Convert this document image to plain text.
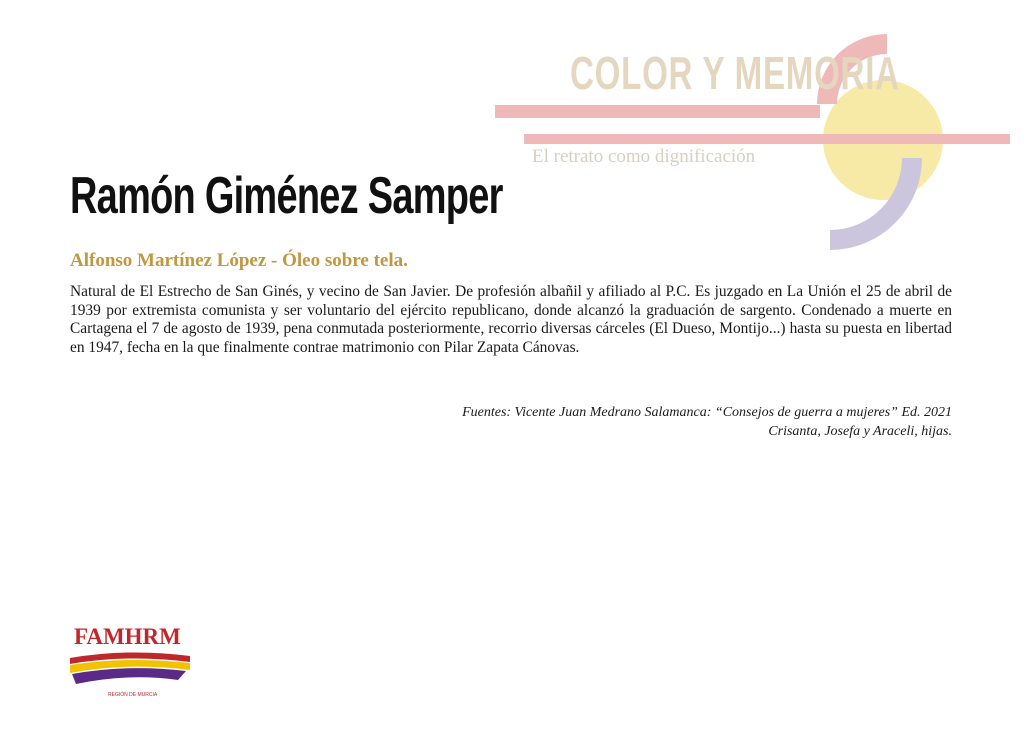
COLOR Y MEMORIA
El retrato como dignificación
Ramón Giménez Samper
Alfonso Martínez López - Óleo sobre tela.

Natural de El Estrecho de San Ginés, y vecino de San Javier. De profesión albañil y afiliado al P.C. Es juzgado en La Unión el 25 de abril de 1939 por extremista comunista y ser voluntario del ejército republicano, donde alcanzó la graduación de sargento. Condenado a muerte en Cartagena el 7 de agosto de 1939, pena conmutada posteriormente, recorrio diversas cárceles (El Dueso, Montijo...) hasta su puesta en libertad en 1947, fecha en la que finalmente contrae matrimonio con Pilar Zapata Cánovas.

Fuentes: Vicente Juan Medrano Salamanca: “Consejos de guerra a mujeres” Ed. 2021
Crisanta, Josefa y Araceli, hijas.
FAMHRM
REGIÓN DE MURCIA
